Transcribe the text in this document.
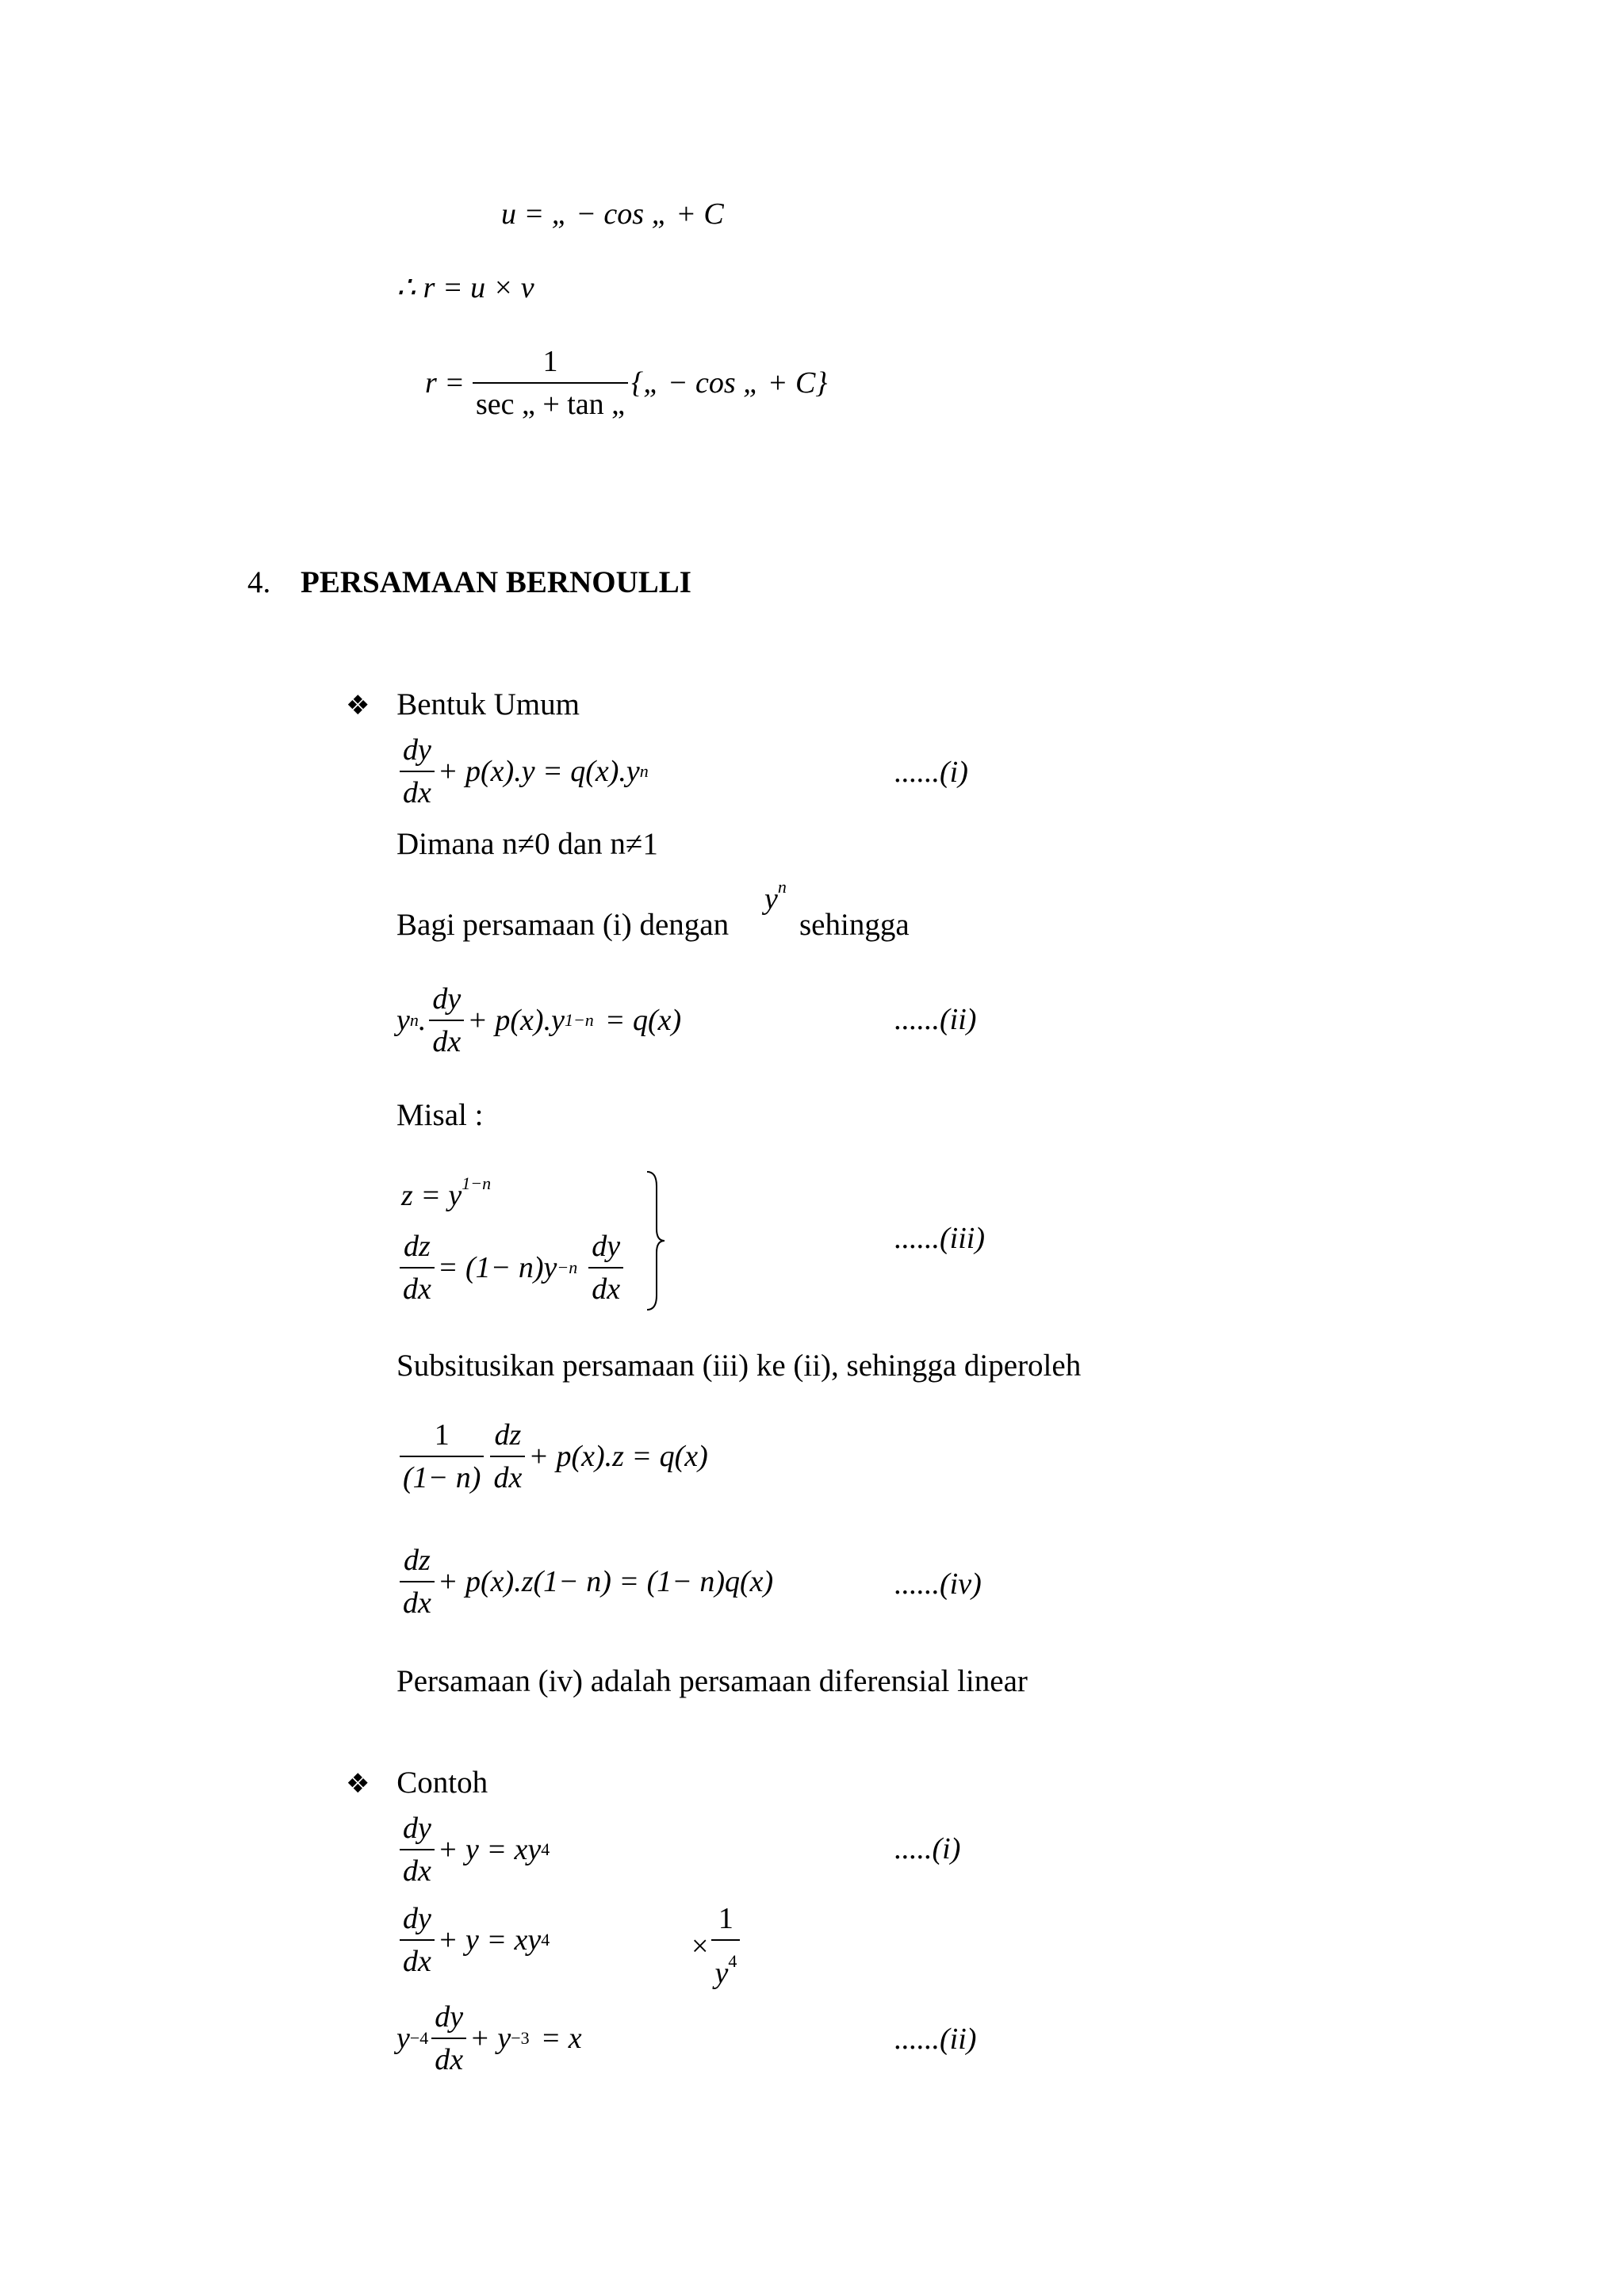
u = „ − cos „ + C
∴ r = u × v
$r = \frac{1}{\sec „ + \tan „}$ {„ − cos „ + C}
4. PERSAMAAN BERNOULLI
❖ Bentuk Umum
$\frac{dy}{dx} + p(x).y = q(x).y$ n	......(i)
Dimana n≠0 dan n≠1
Bagi persamaan (i) dengan
$y^n$
sehingga
y n . $\frac{dy}{dx} + p(x).y$ 1−n = q(x)	......(ii)
Misal :
$z = y^{1-n}$
$\frac{dz}{dx} = (1- n)y -n \frac{dy}{dx}$	......(iii)
Subsitusikan persamaan (iii) ke (ii), sehingga diperoleh
$\frac{1}{(1- n)} \frac{dz}{dx} + p(x).z = q(x)$
$\frac{dz}{dx} + p(x).z(1- n) = (1- n)q(x)$	......(iv)
Persamaan (iv) adalah persamaan diferensial linear
❖ Contoh
$\frac{dy}{dx} + y$ = xy 4	.....(i)
$\frac{dy}{dx} + y$ = xy 4	× $\frac{1}{y^4}$
$y -4 \frac{dy}{dx} + y -3 = x$	......(ii)
